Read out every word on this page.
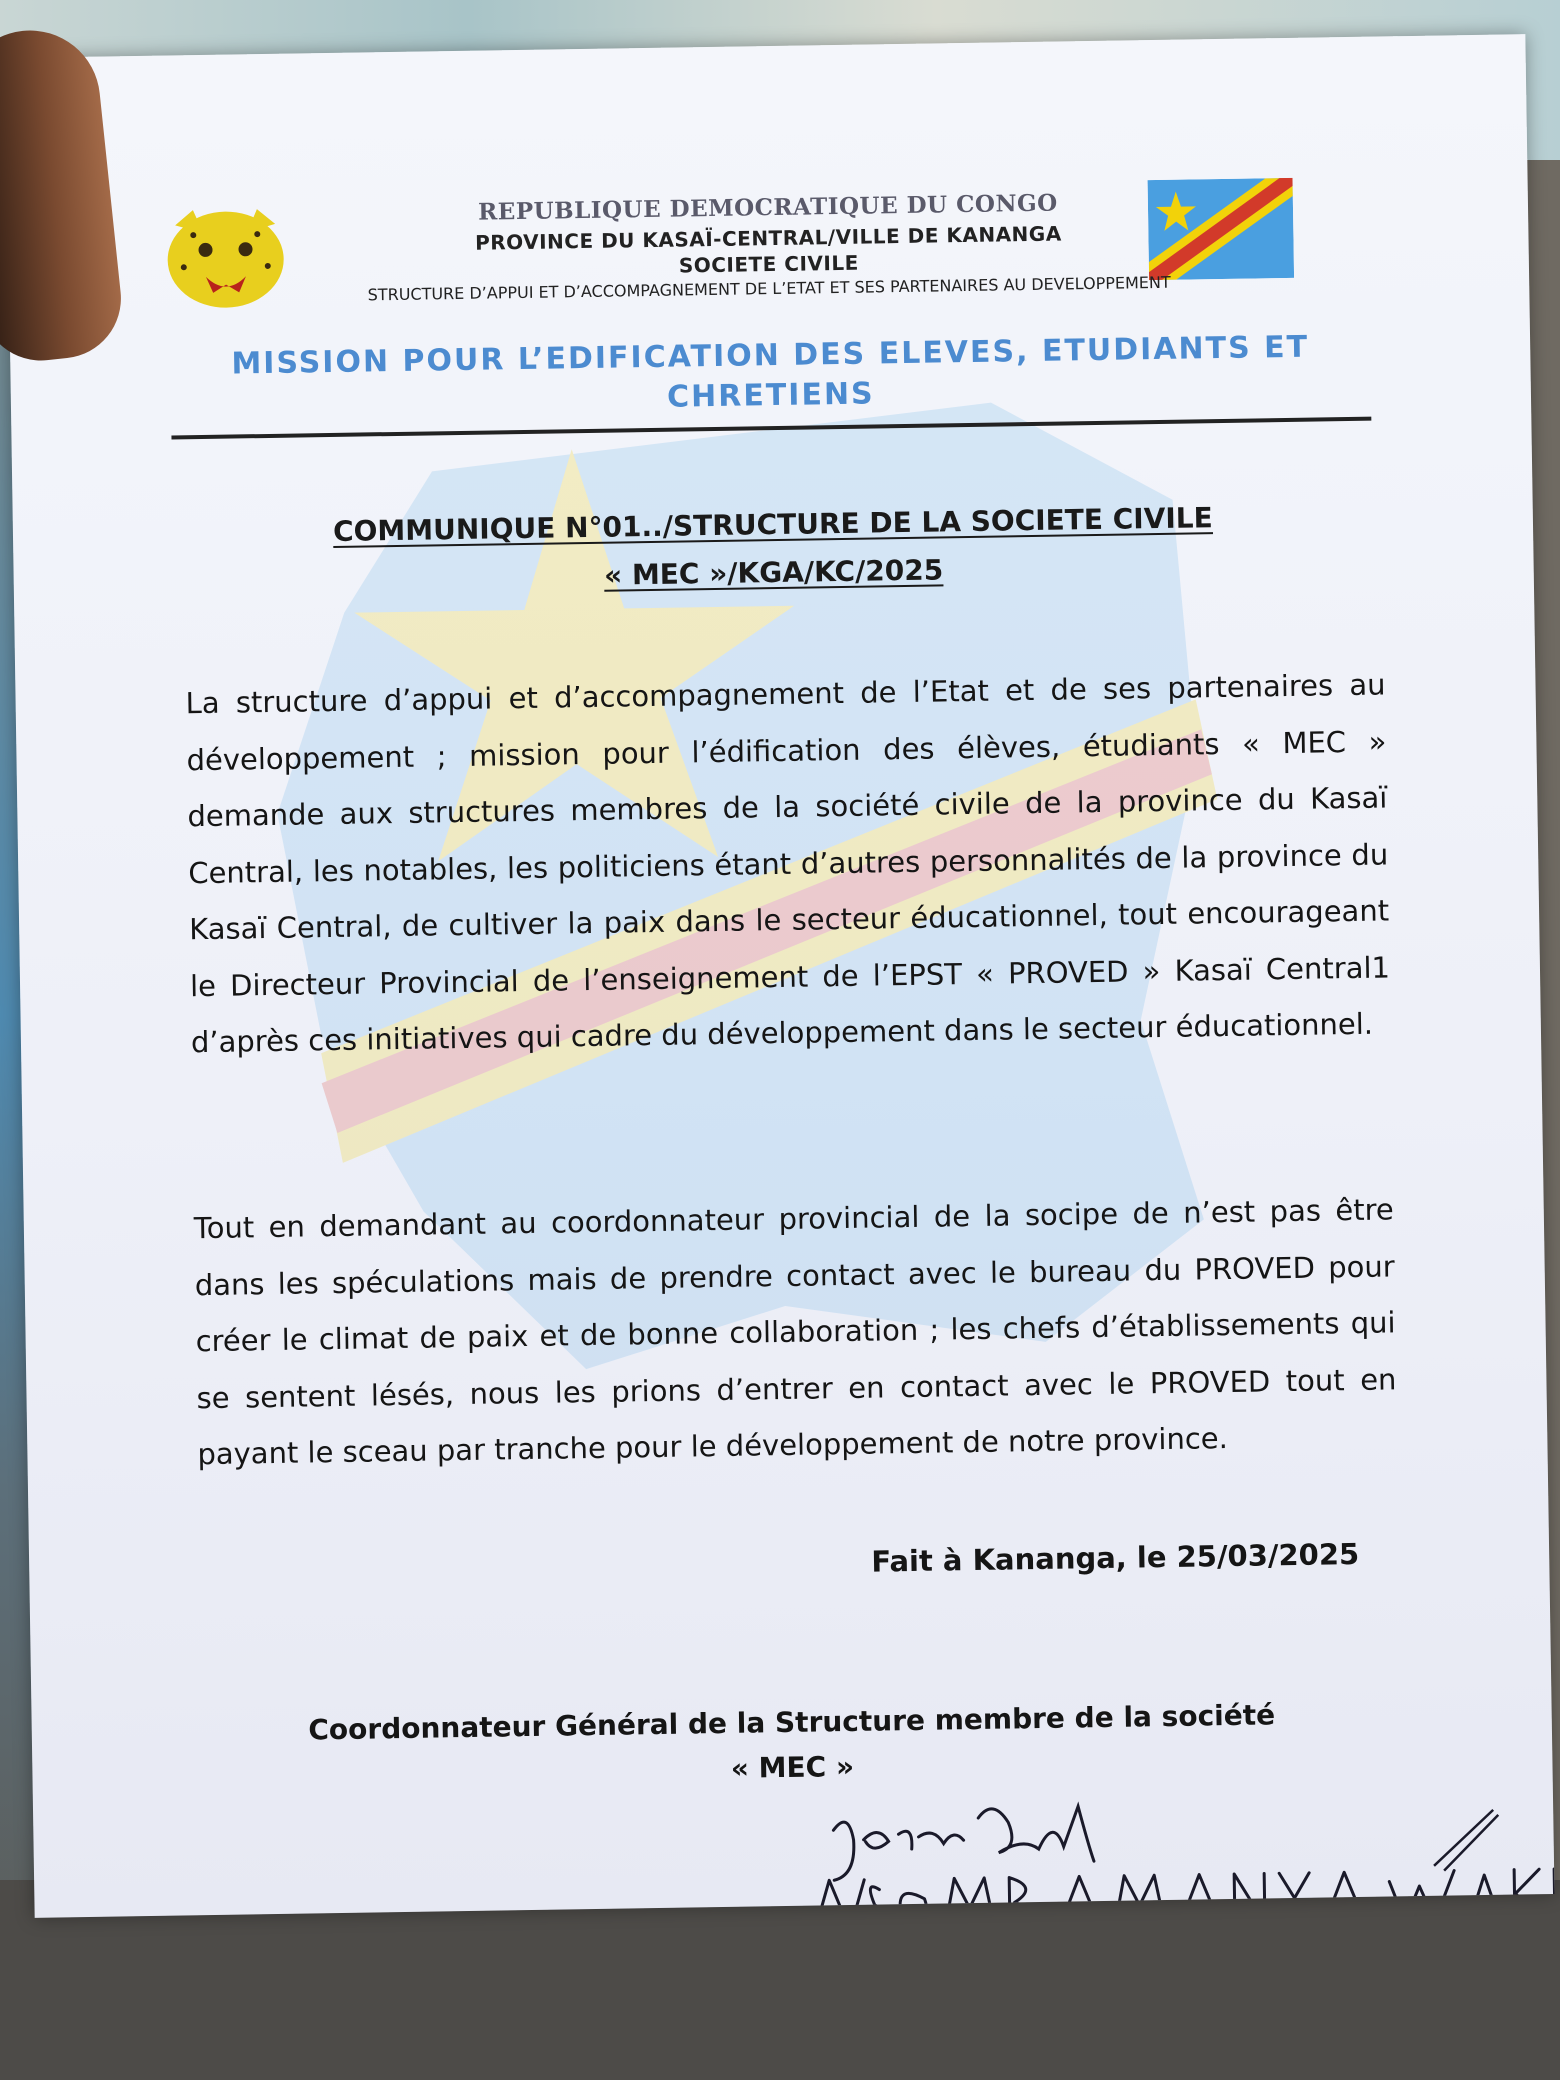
REPUBLIQUE DEMOCRATIQUE DU CONGO
PROVINCE DU KASAÏ-CENTRAL/VILLE DE KANANGA
SOCIETE CIVILE
STRUCTURE D’APPUI ET D’ACCOMPAGNEMENT DE L’ETAT ET SES PARTENAIRES AU DEVELOPPEMENT
MISSION POUR L’EDIFICATION DES ELEVES, ETUDIANTS ET CHRETIENS
COMMUNIQUE N°01../STRUCTURE DE LA SOCIETE CIVILE
« MEC »/KGA/KC/2025

La structure d’appui et d’accompagnement de l’Etat et de ses partenaires au développement ; mission pour l’édification des élèves, étudiants « MEC » demande aux structures membres de la société civile de la province du Kasaï Central, les notables, les politiciens étant d’autres personnalités de la province du Kasaï Central, de cultiver la paix dans le secteur éducationnel, tout encourageant le Directeur Provincial de l’enseignement de l’EPST « PROVED » Kasaï Central1 d’après ces initiatives qui cadre du développement dans le secteur éducationnel.

Tout en demandant au coordonnateur provincial de la socipe de n’est pas être dans les spéculations mais de prendre contact avec le bureau du PROVED pour créer le climat de paix et de bonne collaboration ; les chefs d’établissements qui se sentent lésés, nous les prions d’entrer en contact avec le PROVED tout en payant le sceau par tranche pour le développement de notre province.

Fait à Kananga, le 25/03/2025
Coordonnateur Général de la Structure membre de la société
« MEC »
